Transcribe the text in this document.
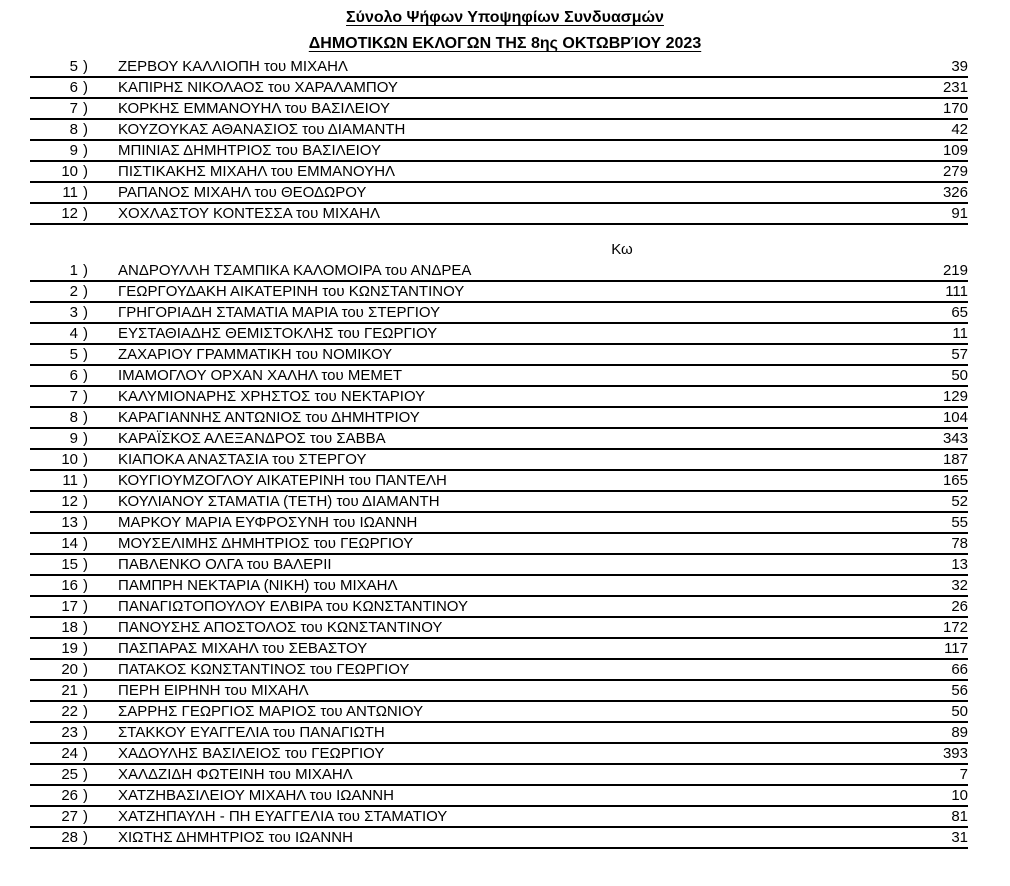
Σύνολο Ψήφων Υποψηφίων Συνδυασμών
ΔΗΜΟΤΙΚΩΝ ΕΚΛΟΓΩΝ ΤΗΣ 8ης ΟΚΤΩΒΡΊΟΥ 2023
5 ) ΖΕΡΒΟΥ ΚΑΛΛΙΟΠΗ του ΜΙΧΑΗΛ	39
6 ) ΚΑΠΙΡΗΣ ΝΙΚΟΛΑΟΣ του ΧΑΡΑΛΑΜΠΟΥ	231
7 ) ΚΟΡΚΗΣ ΕΜΜΑΝΟΥΗΛ του ΒΑΣΙΛΕΙΟΥ	170
8 ) ΚΟΥΖΟΥΚΑΣ ΑΘΑΝΑΣΙΟΣ του ΔΙΑΜΑΝΤΗ	42
9 ) ΜΠΙΝΙΑΣ ΔΗΜΗΤΡΙΟΣ του ΒΑΣΙΛΕΙΟΥ	109
10 ) ΠΙΣΤΙΚΑΚΗΣ ΜΙΧΑΗΛ του ΕΜΜΑΝΟΥΗΛ	279
11 ) ΡΑΠΑΝΟΣ ΜΙΧΑΗΛ του ΘΕΟΔΩΡΟΥ	326
12 ) ΧΟΧΛΑΣΤΟΥ ΚΟΝΤΕΣΣΑ του ΜΙΧΑΗΛ	91
Κω
1 ) ΑΝΔΡΟΥΛΛΗ ΤΣΑΜΠΙΚΑ ΚΑΛΟΜΟΙΡΑ του ΑΝΔΡΕΑ	219
2 ) ΓΕΩΡΓΟΥΔΑΚΗ ΑΙΚΑΤΕΡΙΝΗ του ΚΩΝΣΤΑΝΤΙΝΟΥ	111
3 ) ΓΡΗΓΟΡΙΑΔΗ ΣΤΑΜΑΤΙΑ ΜΑΡΙΑ του ΣΤΕΡΓΙΟΥ	65
4 ) ΕΥΣΤΑΘΙΑΔΗΣ ΘΕΜΙΣΤΟΚΛΗΣ του ΓΕΩΡΓΙΟΥ	11
5 ) ΖΑΧΑΡΙΟΥ ΓΡΑΜΜΑΤΙΚΗ του ΝΟΜΙΚΟΥ	57
6 ) ΙΜΑΜΟΓΛΟΥ ΟΡΧΑΝ ΧΑΛΗΛ του ΜΕΜΕΤ	50
7 ) ΚΑΛΥΜΙΟΝΑΡΗΣ ΧΡΗΣΤΟΣ του ΝΕΚΤΑΡΙΟΥ	129
8 ) ΚΑΡΑΓΙΑΝΝΗΣ ΑΝΤΩΝΙΟΣ του ΔΗΜΗΤΡΙΟΥ	104
9 ) ΚΑΡΑΪΣΚΟΣ ΑΛΕΞΑΝΔΡΟΣ του ΣΑΒΒΑ	343
10 ) ΚΙΑΠΟΚΑ ΑΝΑΣΤΑΣΙΑ του ΣΤΕΡΓΟΥ	187
11 ) ΚΟΥΓΙΟΥΜΖΟΓΛΟΥ ΑΙΚΑΤΕΡΙΝΗ του ΠΑΝΤΕΛΗ	165
12 ) ΚΟΥΛΙΑΝΟΥ ΣΤΑΜΑΤΙΑ (ΤΕΤΗ) του ΔΙΑΜΑΝΤΗ	52
13 ) ΜΑΡΚΟΥ ΜΑΡΙΑ ΕΥΦΡΟΣΥΝΗ του ΙΩΑΝΝΗ	55
14 ) ΜΟΥΣΕΛΙΜΗΣ ΔΗΜΗΤΡΙΟΣ του ΓΕΩΡΓΙΟΥ	78
15 ) ΠΑΒΛΕΝΚΟ ΟΛΓΑ του ΒΑΛΕΡΙΙ	13
16 ) ΠΑΜΠΡΗ ΝΕΚΤΑΡΙΑ (ΝΙΚΗ) του ΜΙΧΑΗΛ	32
17 ) ΠΑΝΑΓΙΩΤΟΠΟΥΛΟΥ ΕΛΒΙΡΑ του ΚΩΝΣΤΑΝΤΙΝΟΥ	26
18 ) ΠΑΝΟΥΣΗΣ ΑΠΟΣΤΟΛΟΣ του ΚΩΝΣΤΑΝΤΙΝΟΥ	172
19 ) ΠΑΣΠΑΡΑΣ ΜΙΧΑΗΛ του ΣΕΒΑΣΤΟΥ	117
20 ) ΠΑΤΑΚΟΣ ΚΩΝΣΤΑΝΤΙΝΟΣ του ΓΕΩΡΓΙΟΥ	66
21 ) ΠΕΡΗ ΕΙΡΗΝΗ του ΜΙΧΑΗΛ	56
22 ) ΣΑΡΡΗΣ ΓΕΩΡΓΙΟΣ ΜΑΡΙΟΣ του ΑΝΤΩΝΙΟΥ	50
23 ) ΣΤΑΚΚΟΥ ΕΥΑΓΓΕΛΙΑ του ΠΑΝΑΓΙΩΤΗ	89
24 ) ΧΑΔΟΥΛΗΣ ΒΑΣΙΛΕΙΟΣ του ΓΕΩΡΓΙΟΥ	393
25 ) ΧΑΛΔΖΙΔΗ ΦΩΤΕΙΝΗ του ΜΙΧΑΗΛ	7
26 ) ΧΑΤΖΗΒΑΣΙΛΕΙΟΥ ΜΙΧΑΗΛ του ΙΩΑΝΝΗ	10
27 ) ΧΑΤΖΗΠΑΥΛΗ - ΠΗ ΕΥΑΓΓΕΛΙΑ του ΣΤΑΜΑΤΙΟΥ	81
28 ) ΧΙΩΤΗΣ ΔΗΜΗΤΡΙΟΣ του ΙΩΑΝΝΗ	31
